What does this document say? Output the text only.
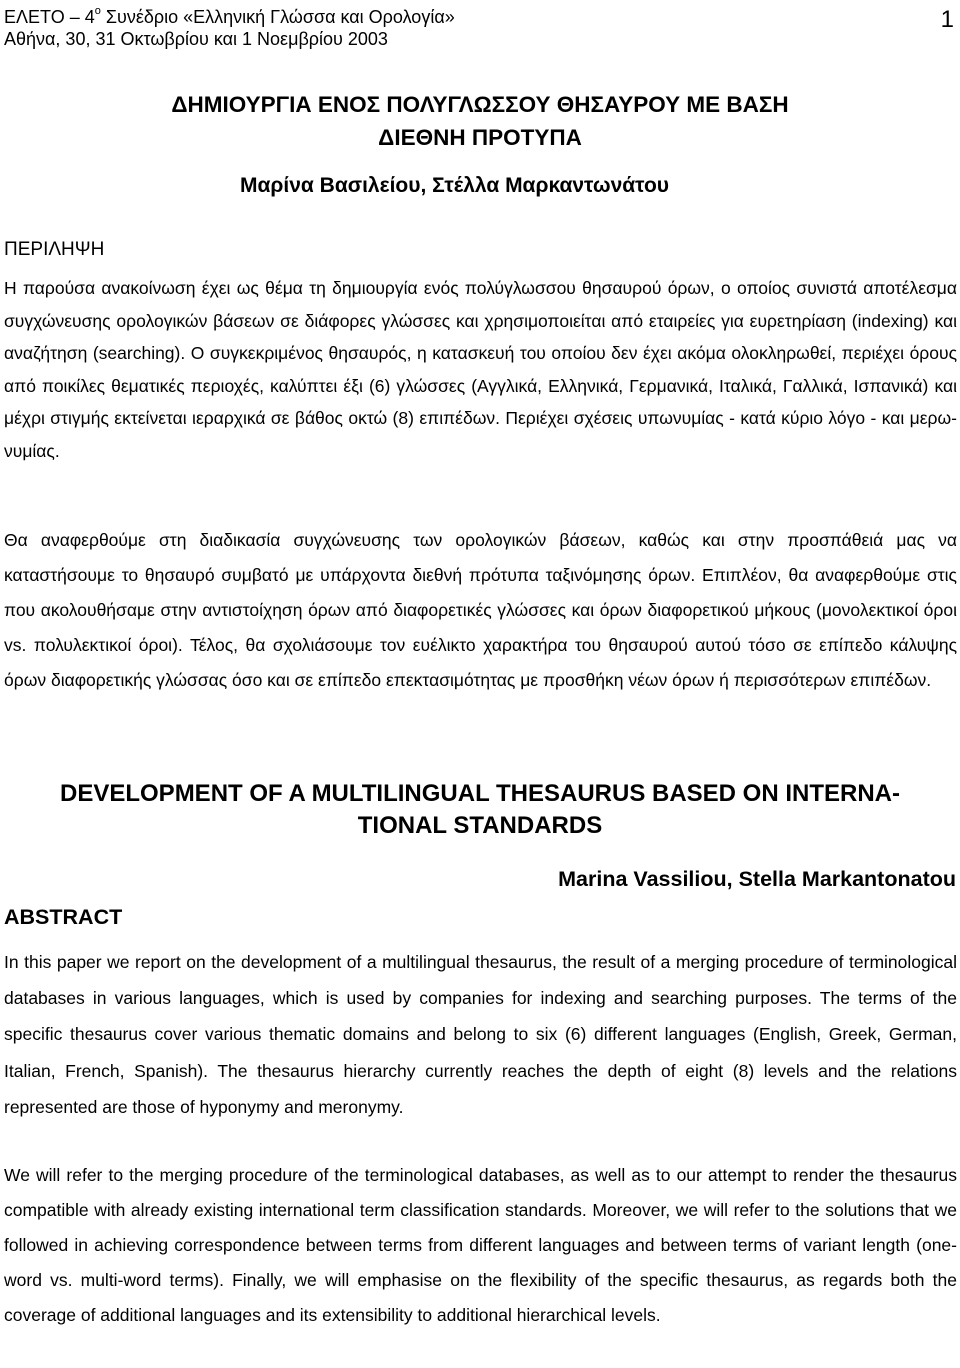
ΕΛΕΤΟ – $4^o$ Συνέδριο «Ελληνική Γλώσσα και Ορολογία»
Αθήνα, 30, 31 Οκτωβρίου και 1 Νοεμβρίου 2003
1
ΔΗΜΙΟΥΡΓΙΑ ΕΝΟΣ ΠΟΛΥΓΛΩΣΣΟΥ ΘΗΣΑΥΡΟΥ ΜΕ ΒΑΣΗ
ΔΙΕΘΝΗ ΠΡΟΤΥΠΑ
Μαρίνα Βασιλείου, Στέλλα Μαρκαντωνάτου
ΠΕΡΙΛΗΨΗ

Η παρούσα ανακοίνωση έχει ως θέμα τη δημιουργία ενός πολύγλωσσου θησαυρού όρων, ο οποίος συνιστά αποτέλεσμα συγχώνευσης ορολογικών βάσεων σε διάφορες γλώσσες και χρησιμοποιείται από εταιρείες για ευρετηρίαση (indexing) και αναζήτηση (searching). Ο συγκεκριμένος θησαυρός, η κατασκευή του οποίου δεν έχει ακόμα ολοκληρωθεί, περιέχει όρους από ποικίλες θεματικές περιοχές, καλύπτει έξι (6) γλώσσες (Αγγλικά, Ελληνικά, Γερμανικά, Ιταλικά, Γαλλικά, Ισπανικά) και μέχρι στιγμής εκτείνεται ιεραρχικά σε βάθος οκτώ (8) επιπέδων. Περιέχει σχέσεις υπωνυμίας - κατά κύριο λόγο - και μερωνυμίας.

Θα αναφερθούμε στη διαδικασία συγχώνευσης των ορολογικών βάσεων, καθώς και στην προσπάθειά μας να καταστήσουμε το θησαυρό συμβατό με υπάρχοντα διεθνή πρότυπα ταξινόμησης όρων. Επιπλέον, θα αναφερθούμε στις που ακολουθήσαμε στην αντιστοίχηση όρων από διαφορετικές γλώσσες και όρων διαφορετικού μήκους (μονολεκτικοί όροι vs. πολυλεκτικοί όροι). Τέλος, θα σχολιάσουμε τον ευέλικτο χαρακτήρα του θησαυρού αυτού τόσο σε επίπεδο κάλυψης όρων διαφορετικής γλώσσας όσο και σε επίπεδο επεκτασιμότητας με προσθήκη νέων όρων ή περισσότερων επιπέδων.

DEVELOPMENT OF A MULTILINGUAL THESAURUS BASED ON INTERNA-
TIONAL STANDARDS
Marina Vassiliou, Stella Markantonatou
ABSTRACT

In this paper we report on the development of a multilingual thesaurus, the result of a merging procedure of terminological databases in various languages, which is used by companies for indexing and searching purposes. The terms of the specific thesaurus cover various thematic domains and belong to six (6) different languages (English, Greek, German, Italian, French, Spanish). The thesaurus hierarchy currently reaches the depth of eight (8) levels and the relations represented are those of hyponymy and meronymy.

We will refer to the merging procedure of the terminological databases, as well as to our attempt to render the thesaurus compatible with already existing international term classification standards. Moreover, we will refer to the solutions that we followed in achieving correspondence between terms from different languages and between terms of variant length (one-word vs. multi-word terms). Finally, we will emphasise on the flexibility of the specific thesaurus, as regards both the coverage of additional languages and its extensibility to additional hierarchical levels.
